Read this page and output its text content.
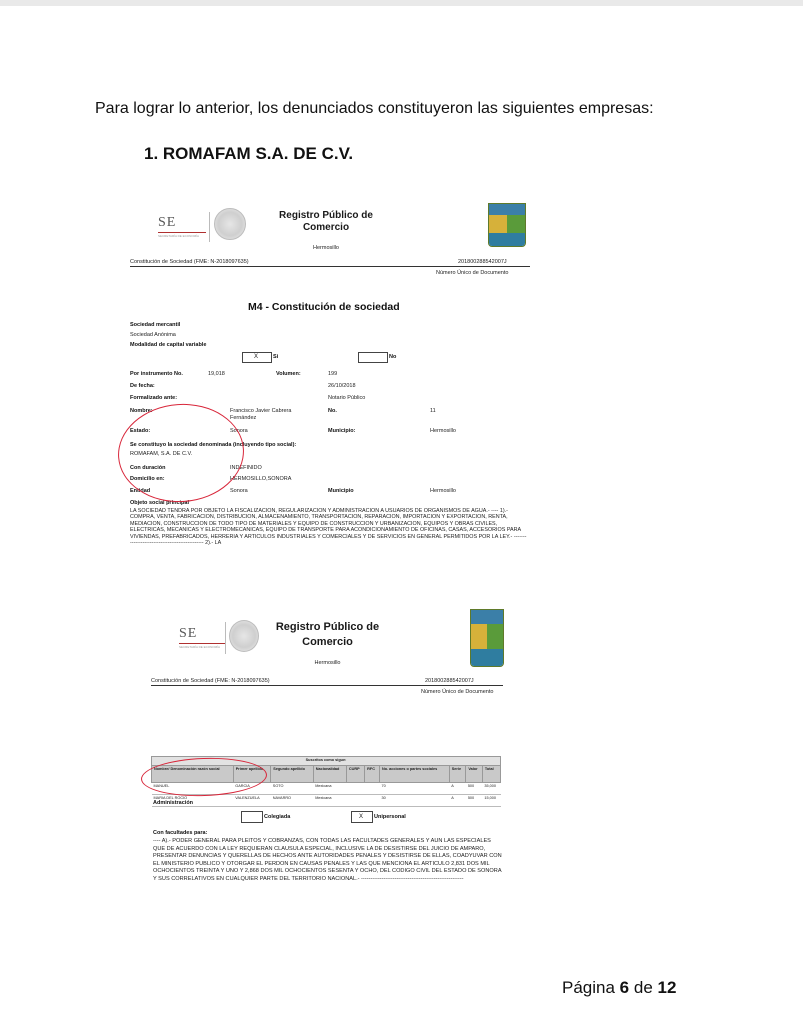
Para lograr lo anterior, los denunciados constituyeron las siguientes empresas:
1. ROMAFAM S.A. DE C.V.
SE
SECRETARÍA DE ECONOMÍA
Registro Público de
Comercio
Hermosillo
Constitución de Sociedad (FME: N-2018097635)	201800288542007J
Número Único de Documento
M4 - Constitución de sociedad
Sociedad mercantil
Sociedad Anónima
Modalidad de capital variable
X	Si	No
Por instrumento No.	19,018	Volumen:	199
De fecha:	26/10/2018
Formalizado ante:	Notario Público
Nombre:	Francisco Javier Cabrera
Fernández
No.	11
Estado:	Sonora	Municipio:	Hermosillo
Se constituyo la sociedad denominada (incluyendo tipo social):
ROMAFAM, S.A. DE C.V.
Con duración	INDEFINIDO
Domicilio en:	HERMOSILLO,SONORA
Entidad	Sonora	Municipio	Hermosillo
Objeto social principal
LA SOCIEDAD TENDRA POR OBJETO LA FISCALIZACION, REGULARIZACION Y ADMINISTRACION A USUARIOS DE ORGANISMOS DE AGUA.- ---- 1).- COMPRA, VENTA, FABRICACION, DISTRIBUCION, ALMACENAMIENTO, TRANSPORTACION, REPARACION, IMPORTACION Y EXPORTACION, RENTA, MEDIACION, CONSTRUCCION DE TODO TIPO DE MATERIALES Y EQUIPO DE CONSTRUCCION Y URBANIZACION, EQUIPOS Y OBRAS CIVILES, ELECTRICAS, MECANICAS Y ELECTROMECANICAS, EQUIPO DE TRANSPORTE PARA ACONDICIONAMIENTO DE OFICINAS, CASAS, ACCESORIOS PARA VIVIENDAS, PREFABRICADOS, HERRERIA Y ARTICULOS INDUSTRIALES Y COMERCIALES Y DE SERVICIOS EN GENERAL PERMITIDOS POR LA LEY.- ------------------------------------------------ 2).- LA
SE
SECRETARÍA DE ECONOMÍA
Registro Público de
Comercio
Hermosillo
Constitución de Sociedad (FME: N-2018097635)	201800288542007J
Número Único de Documento
Suscritos como sigue:									
Nombre/ Denominación razón social	Primer apellido	Segundo apellido	Nacionalidad	CURP	RFC	No. acciones o partes sociales	Serie	Valor	Total
MANUEL	GARCIA	SOTO	Mexicana			70	A	500	35,000
MARIA DEL ROCIO	VALENZUELA	NAVARRO	Mexicana			30	A	500	15,000
Administración
Colegiada	X Unipersonal
Con facultades para:
---- A).- PODER GENERAL PARA PLEITOS Y COBRANZAS, CON TODAS LAS FACULTADES GENERALES Y AUN LAS ESPECIALES QUE DE ACUERDO CON LA LEY REQUIERAN CLAUSULA ESPECIAL, INCLUSIVE LA DE DESISTIRSE DEL JUICIO DE AMPARO, PRESENTAR DENUNCIAS Y QUERELLAS DE HECHOS ANTE AUTORIDADES PENALES Y DESISTIRSE DE ELLAS, COADYUVAR CON EL MINISTERIO PUBLICO Y OTORGAR EL PERDON EN CAUSAS PENALES Y LAS QUE MENCIONA EL ARTICULO 2,831 DOS MIL OCHOCIENTOS TREINTA Y UNO Y 2,868 DOS MIL OCHOCIENTOS SESENTA Y OCHO, DEL CODIGO CIVIL DEL ESTADO DE SONORA Y SUS CORRELATIVOS EN CUALQUIER PARTE DEL TERRITORIO NACIONAL.- -------------------------------------------------------
Página 6 de 12
